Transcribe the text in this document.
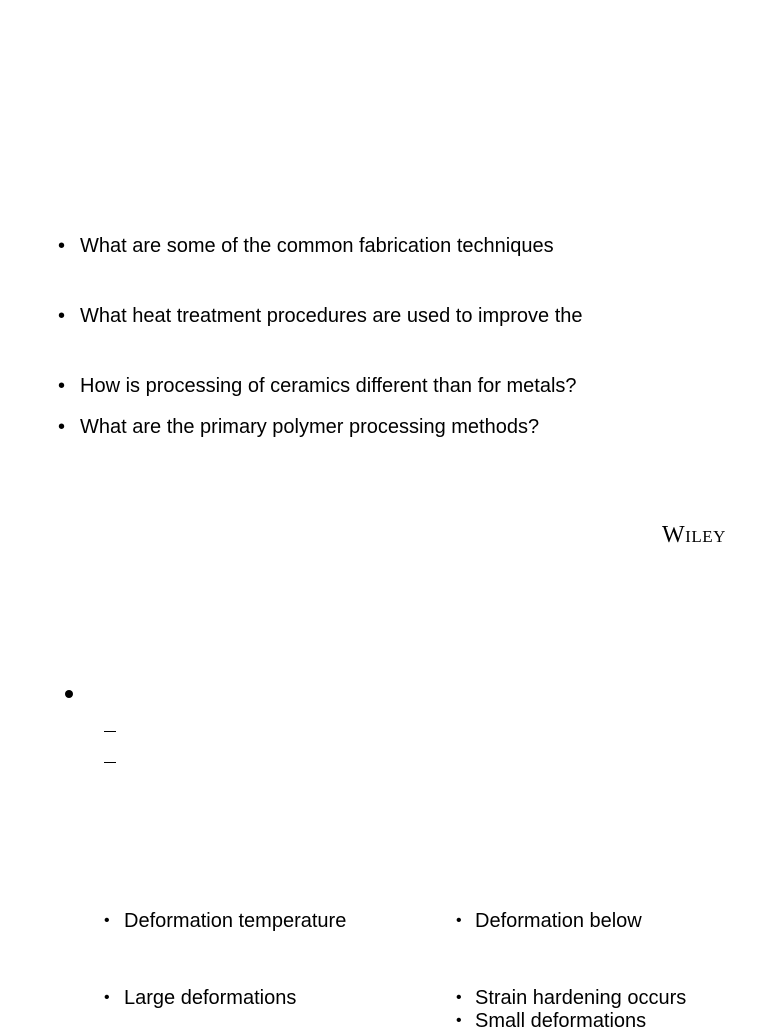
• What are some of the common fabrication techniques
• What heat treatment procedures are used to improve the
• How is processing of ceramics different than for metals?
• What are the primary polymer processing methods?
Wiley
• Deformation temperature
• Large deformations
• Deformation below
• Strain hardening occurs
• Small deformations
